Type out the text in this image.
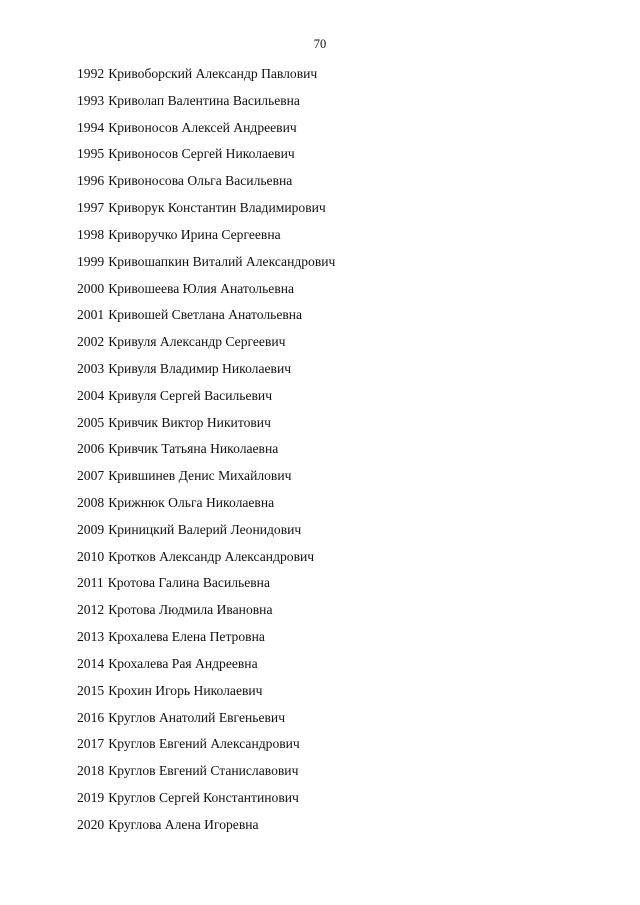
70
1992 Кривоборский Александр Павлович
1993 Криволап Валентина Васильевна
1994 Кривоносов Алексей Андреевич
1995 Кривоносов Сергей Николаевич
1996 Кривоносова Ольга Васильевна
1997 Криворук Константин Владимирович
1998 Криворучко Ирина Сергеевна
1999 Кривошапкин Виталий Александрович
2000 Кривошеева Юлия Анатольевна
2001 Кривошей Светлана Анатольевна
2002 Кривуля Александр Сергеевич
2003 Кривуля Владимир Николаевич
2004 Кривуля Сергей Васильевич
2005 Кривчик Виктор Никитович
2006 Кривчик Татьяна Николаевна
2007 Крившинев Денис Михайлович
2008 Крижнюк Ольга Николаевна
2009 Криницкий Валерий Леонидович
2010 Кротков Александр Александрович
2011 Кротова Галина Васильевна
2012 Кротова Людмила Ивановна
2013 Крохалева Елена Петровна
2014 Крохалева Рая Андреевна
2015 Крохин Игорь Николаевич
2016 Круглов Анатолий Евгеньевич
2017 Круглов Евгений Александрович
2018 Круглов Евгений Станиславович
2019 Круглов Сергей Константинович
2020 Круглова Алена Игоревна
